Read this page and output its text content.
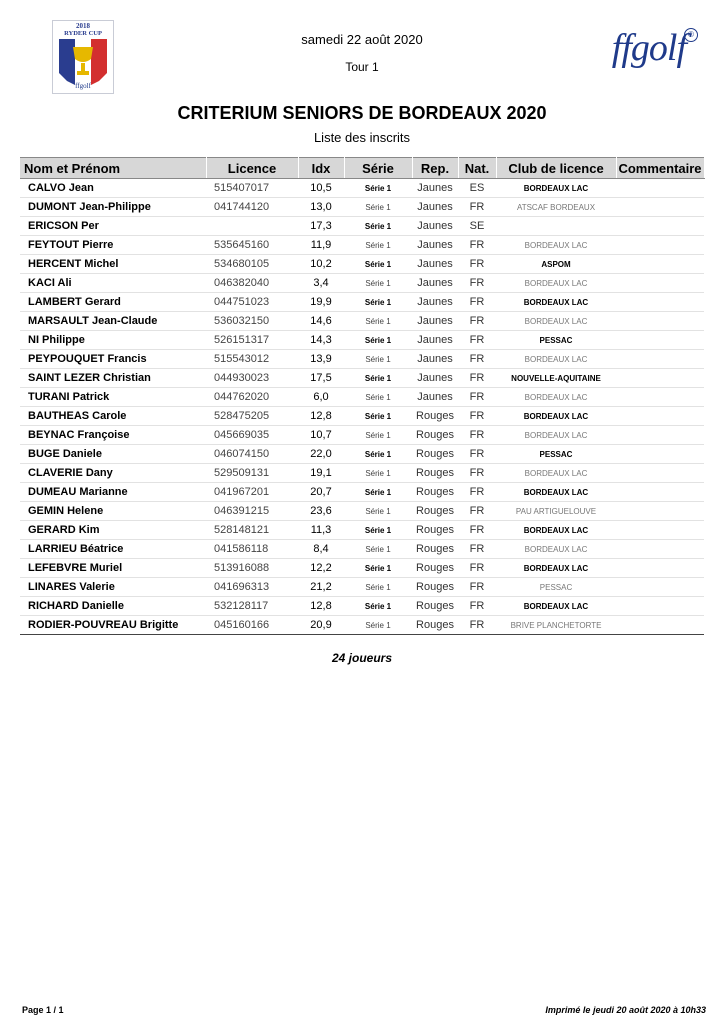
2018
RYDER CUP
ffgolf
ffgolf ®
samedi 22 août 2020
Tour 1
CRITERIUM SENIORS DE BORDEAUX 2020
Liste des inscrits
Nom et Prénom	Licence	Idx	Série	Rep.	Nat.	Club de licence	Commentaire
CALVO Jean	515407017	10,5	Série 1	Jaunes	ES	BORDEAUX LAC	
DUMONT Jean-Philippe	041744120	13,0	Série 1	Jaunes	FR	ATSCAF BORDEAUX	
ERICSON Per		17,3	Série 1	Jaunes	SE		
FEYTOUT Pierre	535645160	11,9	Série 1	Jaunes	FR	BORDEAUX LAC	
HERCENT Michel	534680105	10,2	Série 1	Jaunes	FR	ASPOM	
KACI Ali	046382040	3,4	Série 1	Jaunes	FR	BORDEAUX LAC	
LAMBERT Gerard	044751023	19,9	Série 1	Jaunes	FR	BORDEAUX LAC	
MARSAULT Jean-Claude	536032150	14,6	Série 1	Jaunes	FR	BORDEAUX LAC	
NI Philippe	526151317	14,3	Série 1	Jaunes	FR	PESSAC	
PEYPOUQUET Francis	515543012	13,9	Série 1	Jaunes	FR	BORDEAUX LAC	
SAINT LEZER Christian	044930023	17,5	Série 1	Jaunes	FR	NOUVELLE-AQUITAINE	
TURANI Patrick	044762020	6,0	Série 1	Jaunes	FR	BORDEAUX LAC	
BAUTHEAS Carole	528475205	12,8	Série 1	Rouges	FR	BORDEAUX LAC	
BEYNAC Françoise	045669035	10,7	Série 1	Rouges	FR	BORDEAUX LAC	
BUGE Daniele	046074150	22,0	Série 1	Rouges	FR	PESSAC	
CLAVERIE Dany	529509131	19,1	Série 1	Rouges	FR	BORDEAUX LAC	
DUMEAU Marianne	041967201	20,7	Série 1	Rouges	FR	BORDEAUX LAC	
GEMIN Helene	046391215	23,6	Série 1	Rouges	FR	PAU ARTIGUELOUVE	
GERARD Kim	528148121	11,3	Série 1	Rouges	FR	BORDEAUX LAC	
LARRIEU Béatrice	041586118	8,4	Série 1	Rouges	FR	BORDEAUX LAC	
LEFEBVRE Muriel	513916088	12,2	Série 1	Rouges	FR	BORDEAUX LAC	
LINARES Valerie	041696313	21,2	Série 1	Rouges	FR	PESSAC	
RICHARD Danielle	532128117	12,8	Série 1	Rouges	FR	BORDEAUX LAC	
RODIER-POUVREAU Brigitte	045160166	20,9	Série 1	Rouges	FR	BRIVE PLANCHETORTE	
24 joueurs
Page 1 / 1	Imprimé le jeudi 20 août 2020 à 10h33
